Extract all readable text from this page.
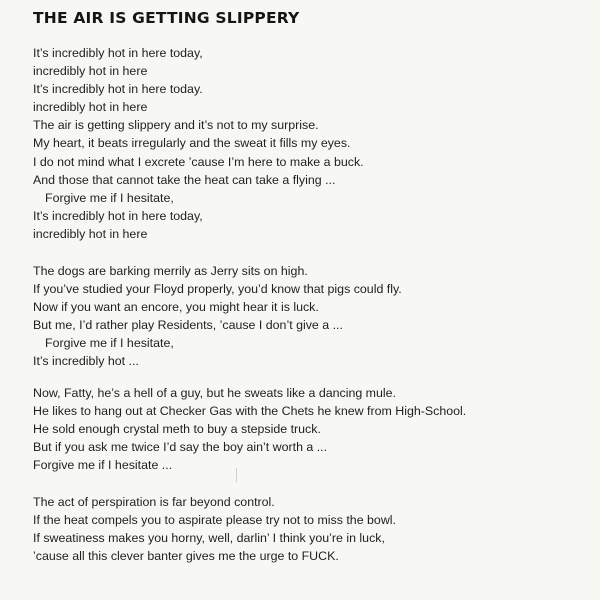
THE AIR IS GETTING SLIPPERY
It’s incredibly hot in here today,
incredibly hot in here
It’s incredibly hot in here today.
incredibly hot in here
The air is getting slippery and it’s not to my surprise.
My heart, it beats irregularly and the sweat it fills my eyes.
I do not mind what I excrete ’cause I’m here to make a buck.
And those that cannot take the heat can take a flying ...
Forgive me if I hesitate,
It’s incredibly hot in here today,
incredibly hot in here
The dogs are barking merrily as Jerry sits on high.
If you’ve studied your Floyd properly, you’d know that pigs could fly.
Now if you want an encore, you might hear it is luck.
But me, I’d rather play Residents, ’cause I don’t give a ...
Forgive me if I hesitate,
It’s incredibly hot ...
Now, Fatty, he’s a hell of a guy, but he sweats like a dancing mule.
He likes to hang out at Checker Gas with the Chets he knew from High-School.
He sold enough crystal meth to buy a stepside truck.
But if you ask me twice I’d say the boy ain’t worth a ...
Forgive me if I hesitate ...
The act of perspiration is far beyond control.
If the heat compels you to aspirate please try not to miss the bowl.
If sweatiness makes you horny, well, darlin’ I think you’re in luck,
’cause all this clever banter gives me the urge to FUCK.
